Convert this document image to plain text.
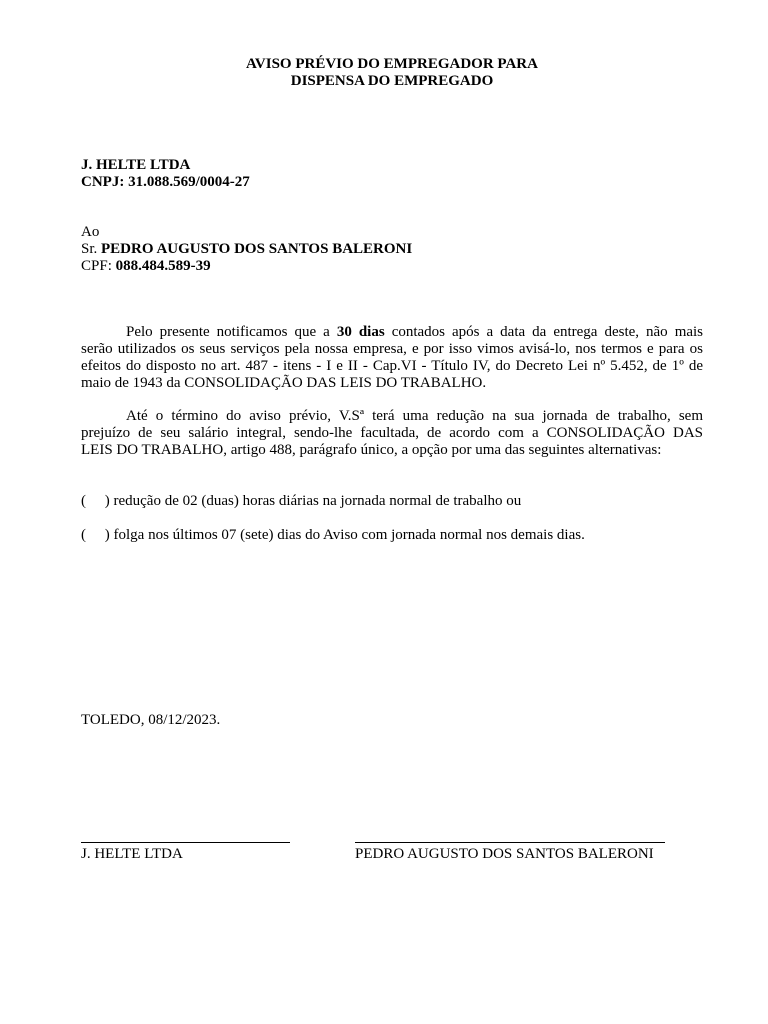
AVISO PRÉVIO DO EMPREGADOR PARA
DISPENSA DO EMPREGADO
J. HELTE LTDA
CNPJ: 31.088.569/0004-27
Ao
Sr. PEDRO AUGUSTO DOS SANTOS BALERONI
CPF: 088.484.589-39
Pelo presente notificamos que a 30 dias contados após a data da entrega deste, não mais
serão utilizados os seus serviços pela nossa empresa, e por isso vimos avisá-lo, nos termos e para os
efeitos do disposto no art. 487 - itens - I e II - Cap.VI - Título IV, do Decreto Lei nº 5.452, de 1º de
maio de 1943 da CONSOLIDAÇÃO DAS LEIS DO TRABALHO.
Até o término do aviso prévio, V.Sª terá uma redução na sua jornada de trabalho, sem
prejuízo de seu salário integral, sendo-lhe facultada, de acordo com a CONSOLIDAÇÃO DAS
LEIS DO TRABALHO, artigo 488, parágrafo único, a opção por uma das seguintes alternativas:
(     ) redução de 02 (duas) horas diárias na jornada normal de trabalho ou
(     ) folga nos últimos 07 (sete) dias do Aviso com jornada normal nos demais dias.
TOLEDO, 08/12/2023.
J. HELTE LTDA	PEDRO AUGUSTO DOS SANTOS BALERONI
